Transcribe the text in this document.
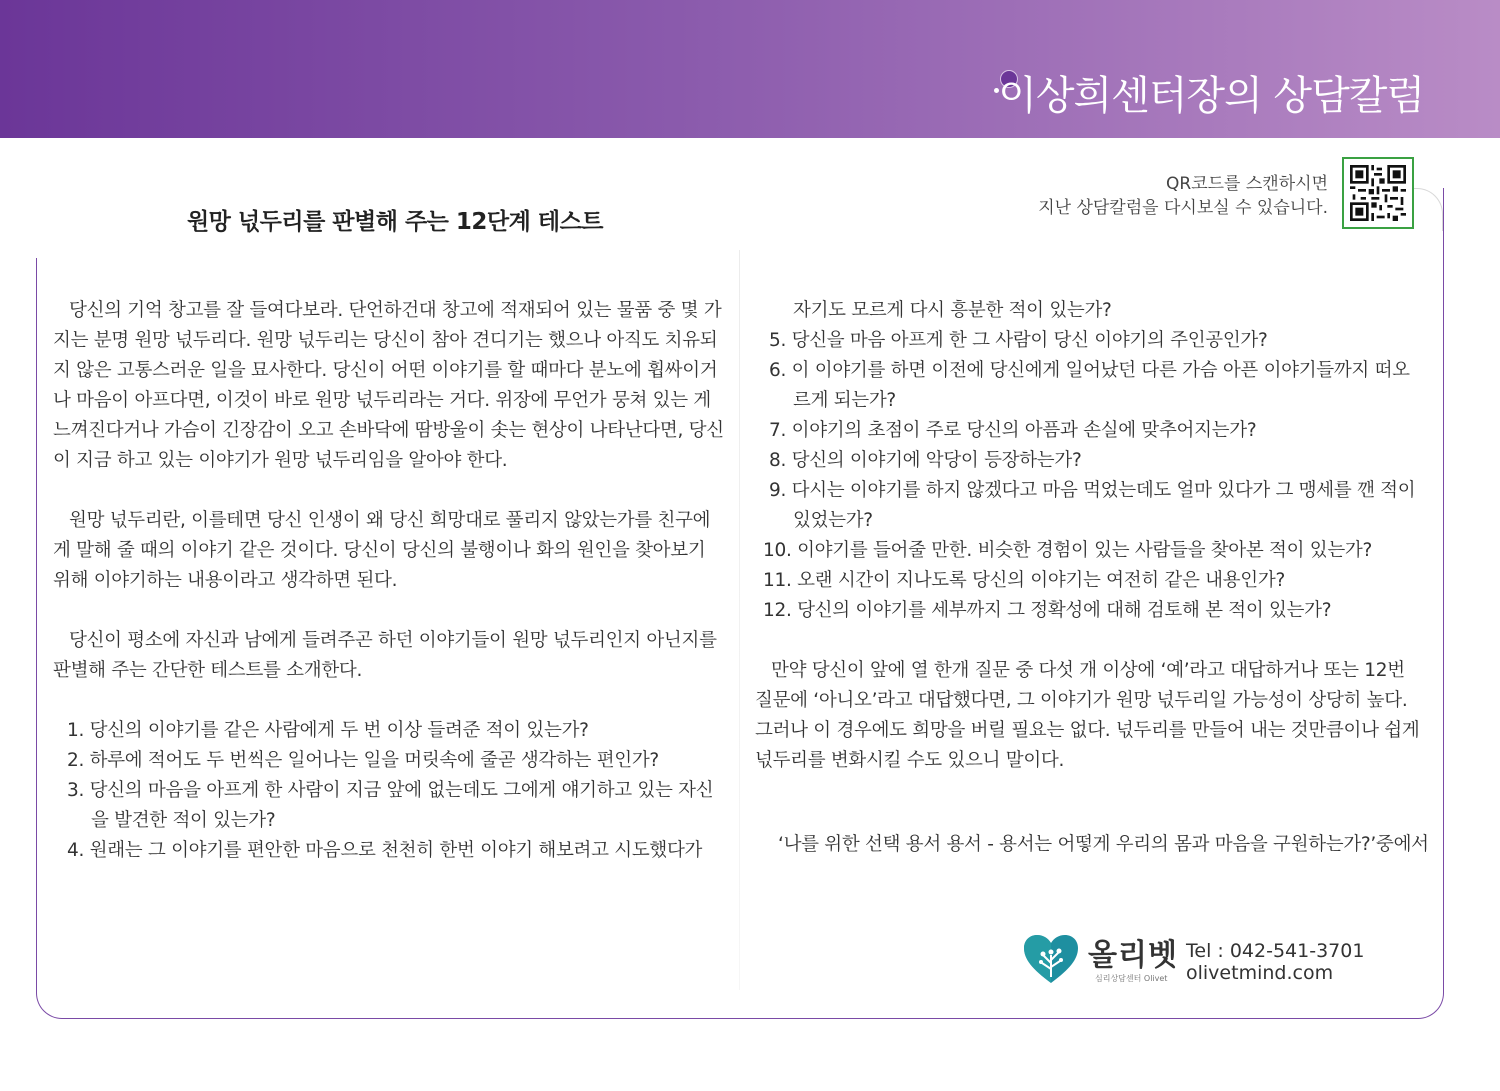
이상희센터장의 상담칼럼
원망 넋두리를 판별해 주는 12단계 테스트
QR코드를 스캔하시면
지난 상담칼럼을 다시보실 수 있습니다.

당신의 기억 창고를 잘 들여다보라. 단언하건대 창고에 적재되어 있는 물품 중 몇 가지는 분명 원망 넋두리다. 원망 넋두리는 당신이 참아 견디기는 했으나 아직도 치유되지 않은 고통스러운 일을 묘사한다. 당신이 어떤 이야기를 할 때마다 분노에 휩싸이거나 마음이 아프다면, 이것이 바로 원망 넋두리라는 거다. 위장에 무언가 뭉쳐 있는 게 느껴진다거나 가슴이 긴장감이 오고 손바닥에 땀방울이 솟는 현상이 나타난다면, 당신이 지금 하고 있는 이야기가 원망 넋두리임을 알아야 한다.

원망 넋두리란, 이를테면 당신 인생이 왜 당신 희망대로 풀리지 않았는가를 친구에게 말해 줄 때의 이야기 같은 것이다. 당신이 당신의 불행이나 화의 원인을 찾아보기 위해 이야기하는 내용이라고 생각하면 된다.

당신이 평소에 자신과 남에게 들려주곤 하던 이야기들이 원망 넋두리인지 아닌지를 판별해 주는 간단한 테스트를 소개한다.

1. 당신의 이야기를 같은 사람에게 두 번 이상 들려준 적이 있는가?

2. 하루에 적어도 두 번씩은 일어나는 일을 머릿속에 줄곧 생각하는 편인가?

3. 당신의 마음을 아프게 한 사람이 지금 앞에 없는데도 그에게 얘기하고 있는 자신을 발견한 적이 있는가?

4. 원래는 그 이야기를 편안한 마음으로 천천히 한번 이야기 해보려고 시도했다가

자기도 모르게 다시 흥분한 적이 있는가?

5. 당신을 마음 아프게 한 그 사람이 당신 이야기의 주인공인가?

6. 이 이야기를 하면 이전에 당신에게 일어났던 다른 가슴 아픈 이야기들까지 떠오르게 되는가?

7. 이야기의 초점이 주로 당신의 아픔과 손실에 맞추어지는가?

8. 당신의 이야기에 악당이 등장하는가?

9. 다시는 이야기를 하지 않겠다고 마음 먹었는데도 얼마 있다가 그 맹세를 깬 적이 있었는가?

10. 이야기를 들어줄 만한. 비슷한 경험이 있는 사람들을 찾아본 적이 있는가?

11. 오랜 시간이 지나도록 당신의 이야기는 여전히 같은 내용인가?

12. 당신의 이야기를 세부까지 그 정확성에 대해 검토해 본 적이 있는가?

만약 당신이 앞에 열 한개 질문 중 다섯 개 이상에 ‘예’라고 대답하거나 또는 12번 질문에 ‘아니오’라고 대답했다면, 그 이야기가 원망 넋두리일 가능성이 상당히 높다. 그러나 이 경우에도 희망을 버릴 필요는 없다. 넋두리를 만들어 내는 것만큼이나 쉽게 넋두리를 변화시킬 수도 있으니 말이다.

‘나를 위한 선택 용서 용서 - 용서는 어떻게 우리의 몸과 마음을 구원하는가?’중에서
올리벳
심리상담센터 Olivet
Tel : 042-541-3701
olivetmind.com
